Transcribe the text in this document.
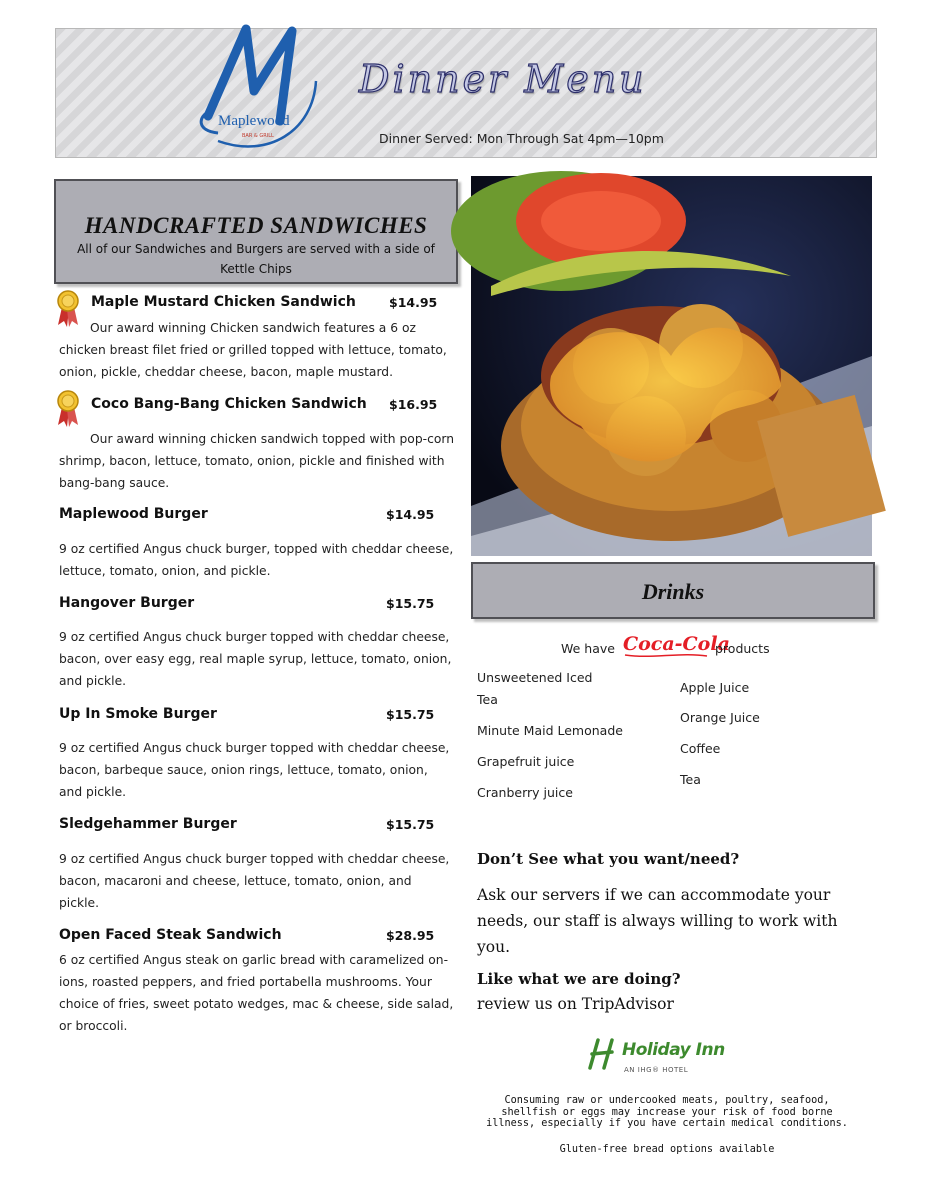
Maplewood
BAR & GRILL
Dinner Menu
Dinner Served: Mon Through Sat 4pm—10pm
HANDCRAFTED SANDWICHES
All of our Sandwiches and Burgers are served with a side of Kettle Chips
Maple Mustard Chicken Sandwich	$14.95

Our award winning Chicken sandwich features a 6 oz chicken breast filet fried or grilled topped with lettuce, tomato, onion, pickle, cheddar cheese, bacon, maple mustard.

Coco Bang-Bang Chicken Sandwich $16.95

Our award winning chicken sandwich topped with pop-corn shrimp, bacon, lettuce, tomato, onion, pickle and finished with bang-bang sauce.

Maplewood Burger	$14.95

9 oz certified Angus chuck burger, topped with cheddar cheese, lettuce, tomato, onion, and pickle.

Hangover Burger	$15.75

9 oz certified Angus chuck burger topped with cheddar cheese, bacon, over easy egg, real maple syrup, lettuce, tomato, onion, and pickle.

Up In Smoke Burger	$15.75

9 oz certified Angus chuck burger topped with cheddar cheese, bacon, barbeque sauce, onion rings, lettuce, tomato, onion, and pickle.

Sledgehammer Burger	$15.75

9 oz certified Angus chuck burger topped with cheddar cheese, bacon, macaroni and cheese, lettuce, tomato, onion, and pickle.

Open Faced Steak Sandwich	$28.95

6 oz certified Angus steak on garlic bread with caramelized on-ions, roasted peppers, and fried portabella mushrooms. Your choice of fries, sweet potato wedges, mac & cheese, side salad, or broccoli.

Drinks
We have Coca-Cola
products
Unsweetened Iced Tea
Minute Maid Lemonade
Grapefruit juice
Cranberry juice
Apple Juice
Orange Juice
Coffee
Tea
Don’t See what you want/need?
Ask our servers if we can accommodate your needs, our staff is always willing to work with you.
Like what we are doing?
review us on TripAdvisor
Holiday Inn
AN IHG® HOTEL
Consuming raw or undercooked meats, poultry, seafood, shellfish or eggs may increase your risk of food borne illness, especially if you have certain medical conditions.
Gluten-free bread options available
